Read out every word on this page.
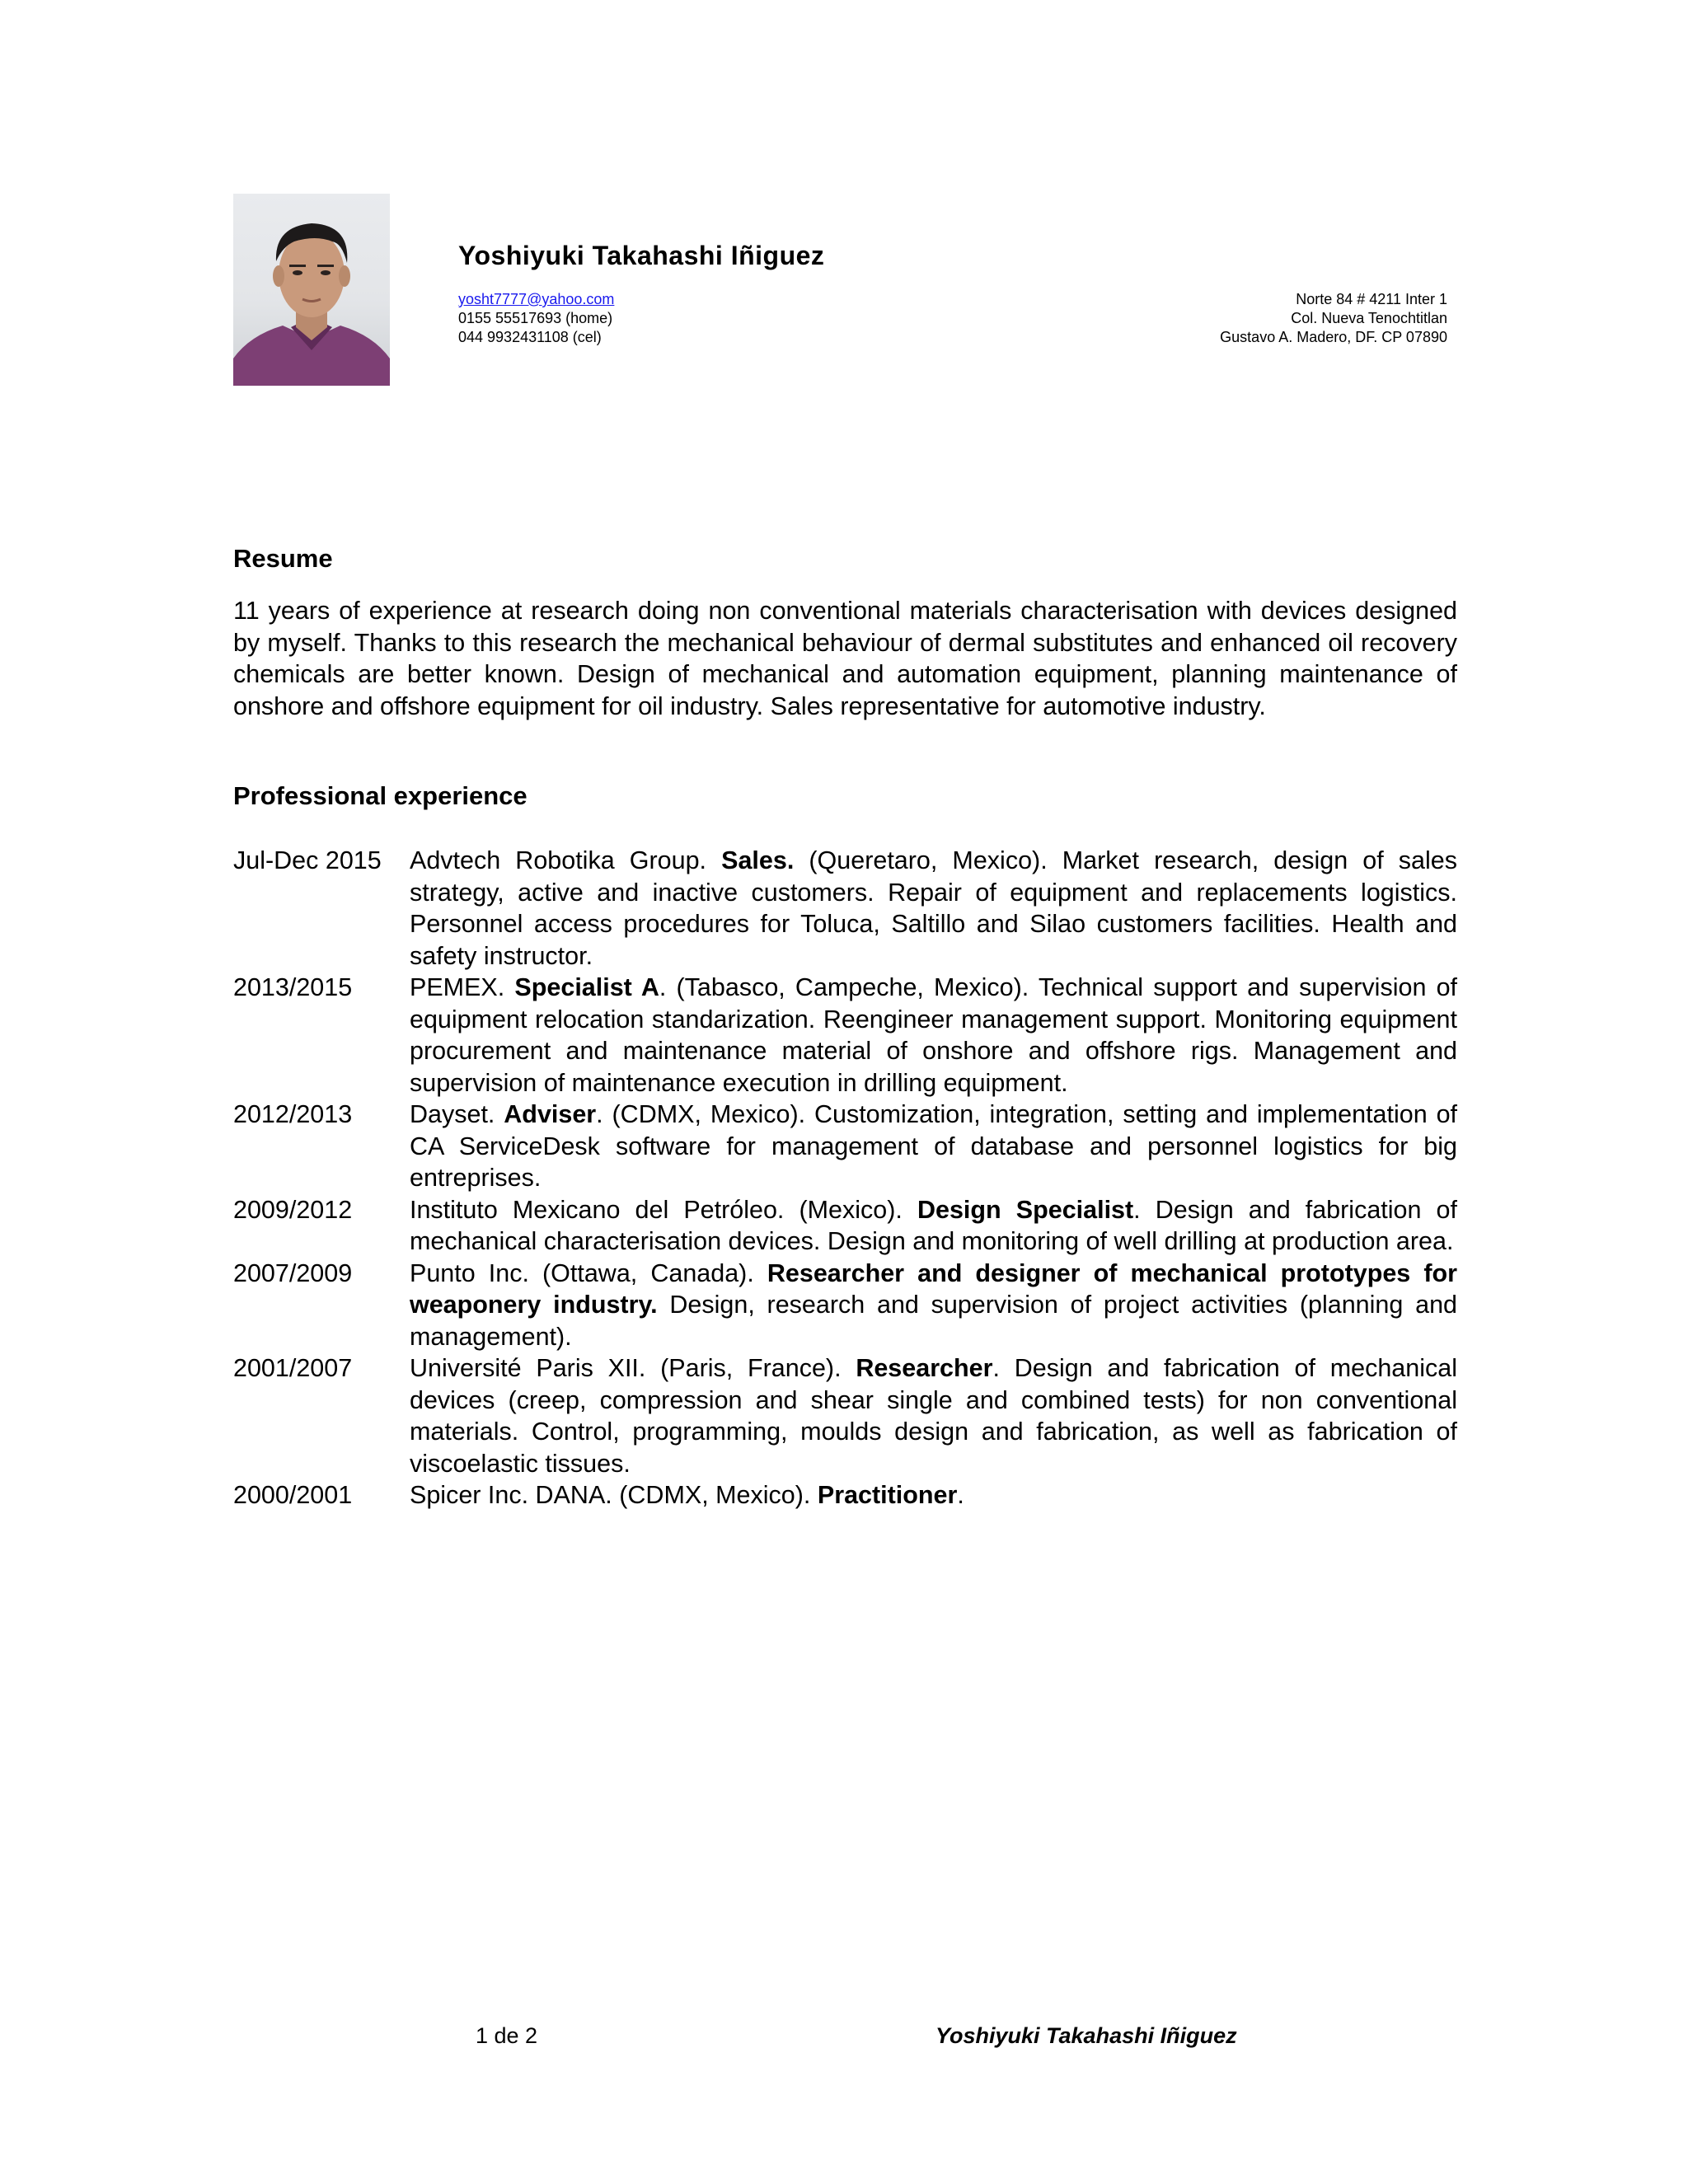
Yoshiyuki Takahashi Iñiguez
yosht7777@yahoo.com
0155 55517693 (home)
044 9932431108 (cel)
Norte 84 # 4211 Inter 1
Col. Nueva Tenochtitlan
Gustavo A. Madero, DF. CP 07890
Resume
11 years of experience at research doing non conventional materials characterisation with devices designed by myself. Thanks to this research the mechanical behaviour of dermal substitutes and enhanced oil recovery chemicals are better known. Design of mechanical and automation equipment, planning maintenance of onshore and offshore equipment for oil industry. Sales representative for automotive industry.
Professional experience
Jul-Dec 2015	Advtech Robotika Group. Sales. (Queretaro, Mexico). Market research, design of sales strategy, active and inactive customers. Repair of equipment and replacements logistics. Personnel access procedures for Toluca, Saltillo and Silao customers facilities. Health and safety instructor.
2013/2015	PEMEX. Specialist A. (Tabasco, Campeche, Mexico). Technical support and supervision of equipment relocation standarization. Reengineer management support. Monitoring equipment procurement and maintenance material of onshore and offshore rigs. Management and supervision of maintenance execution in drilling equipment.
2012/2013	Dayset. Adviser. (CDMX, Mexico). Customization, integration, setting and implementation of CA ServiceDesk software for management of database and personnel logistics for big entreprises.
2009/2012	Instituto Mexicano del Petróleo. (Mexico). Design Specialist. Design and fabrication of mechanical characterisation devices. Design and monitoring of well drilling at production area.
2007/2009	Punto Inc. (Ottawa, Canada). Researcher and designer of mechanical prototypes for weaponery industry. Design, research and supervision of project activities (planning and management).
2001/2007	Université Paris XII. (Paris, France). Researcher. Design and fabrication of mechanical devices (creep, compression and shear single and combined tests) for non conventional materials. Control, programming, moulds design and fabrication, as well as fabrication of viscoelastic tissues.
2000/2001	Spicer Inc. DANA. (CDMX, Mexico). Practitioner.
1 de 2	Yoshiyuki Takahashi Iñiguez
